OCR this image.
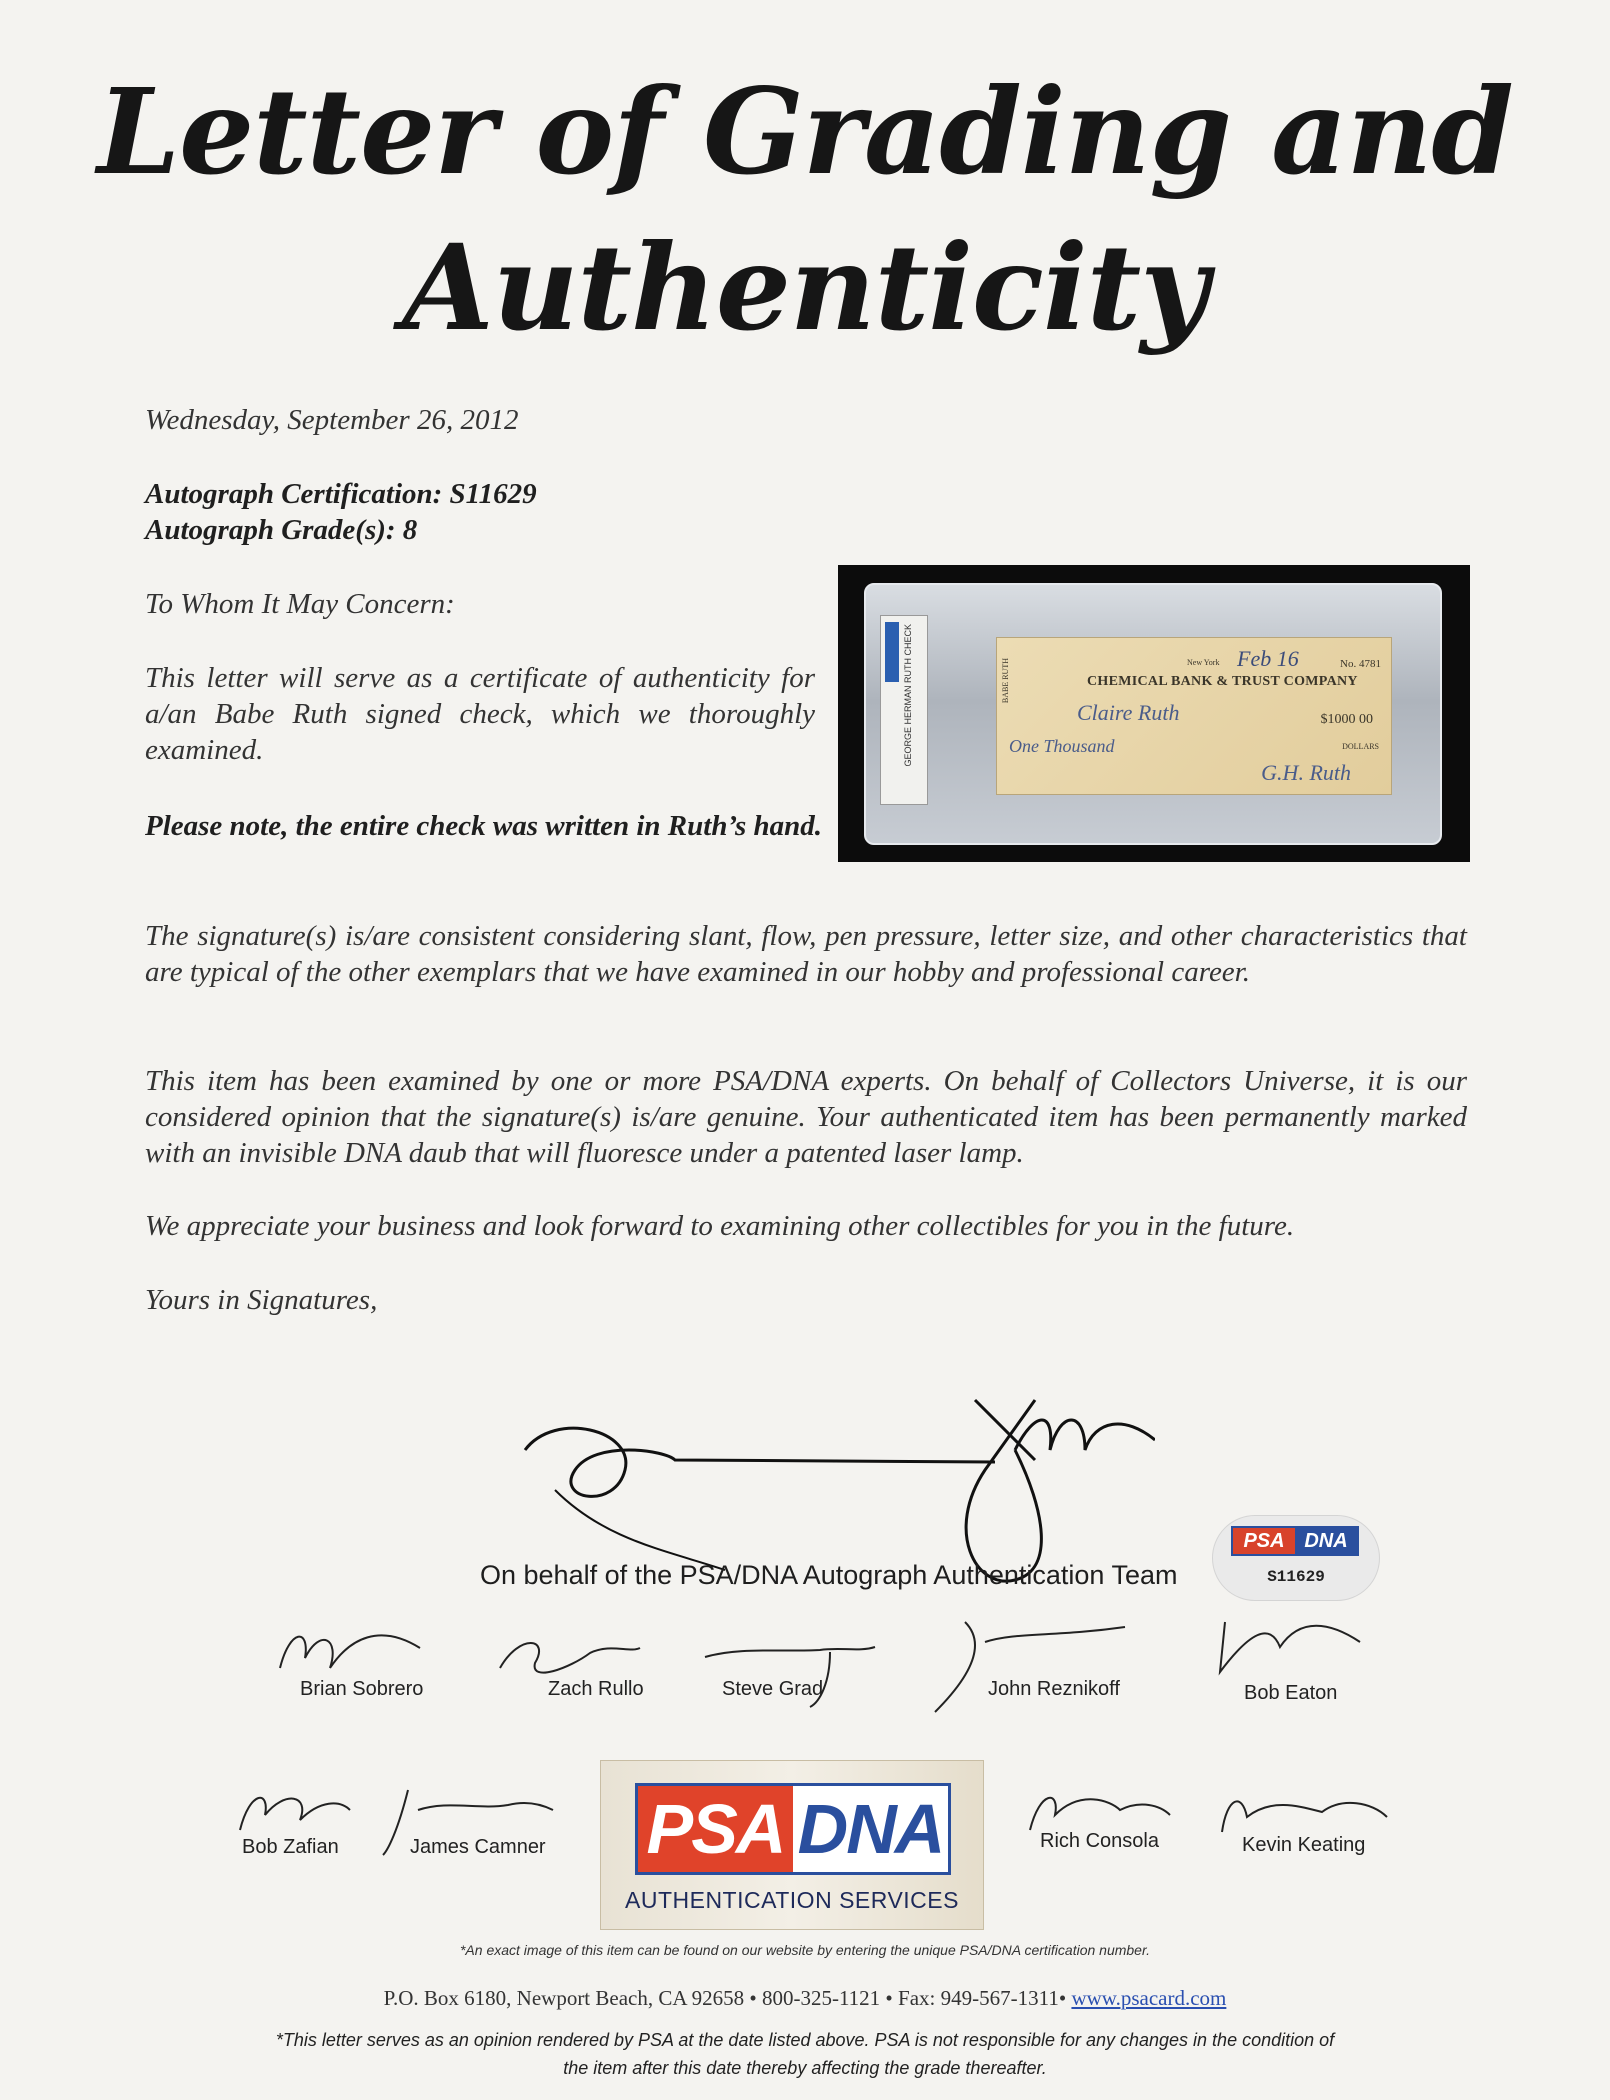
Letter of Grading and
Authenticity
Wednesday, September 26, 2012
Autograph Certification: S11629
Autograph Grade(s): 8
To Whom It May Concern:
This letter will serve as a certificate of authenticity for a/an Babe Ruth signed check, which we thoroughly examined.
Please note, the entire check was written in Ruth’s hand.
GEORGE HERMAN RUTH CHECK	BABE RUTH	New York Feb 16	No. 4781
CHEMICAL BANK & TRUST COMPANY
Claire Ruth	$1000 00
One Thousand	DOLLARS
G.H. Ruth
The signature(s) is/are consistent considering slant, flow, pen pressure, letter size, and other characteristics that are typical of the other exemplars that we have examined in our hobby and professional career.
This item has been examined by one or more PSA/DNA experts. On behalf of Collectors Universe, it is our considered opinion that the signature(s) is/are genuine. Your authenticated item has been permanently marked with an invisible DNA daub that will fluoresce under a patented laser lamp.
We appreciate your business and look forward to examining other collectibles for you in the future.
Yours in Signatures,
On behalf of the PSA/DNA Autograph Authentication Team
PSA DNA
S11629
Brian Sobrero	Zach Rullo	Steve Grad	John Reznikoff	Bob Eaton
Bob Zafian	James Camner PSA DNA
AUTHENTICATION SERVICES
Rich Consola	Kevin Keating
*An exact image of this item can be found on our website by entering the unique PSA/DNA certification number.
P.O. Box 6180, Newport Beach, CA 92658 • 800-325-1121 • Fax: 949-567-1311• www.psacard.com
*This letter serves as an opinion rendered by PSA at the date listed above. PSA is not responsible for any changes in the condition of
the item after this date thereby affecting the grade thereafter.
